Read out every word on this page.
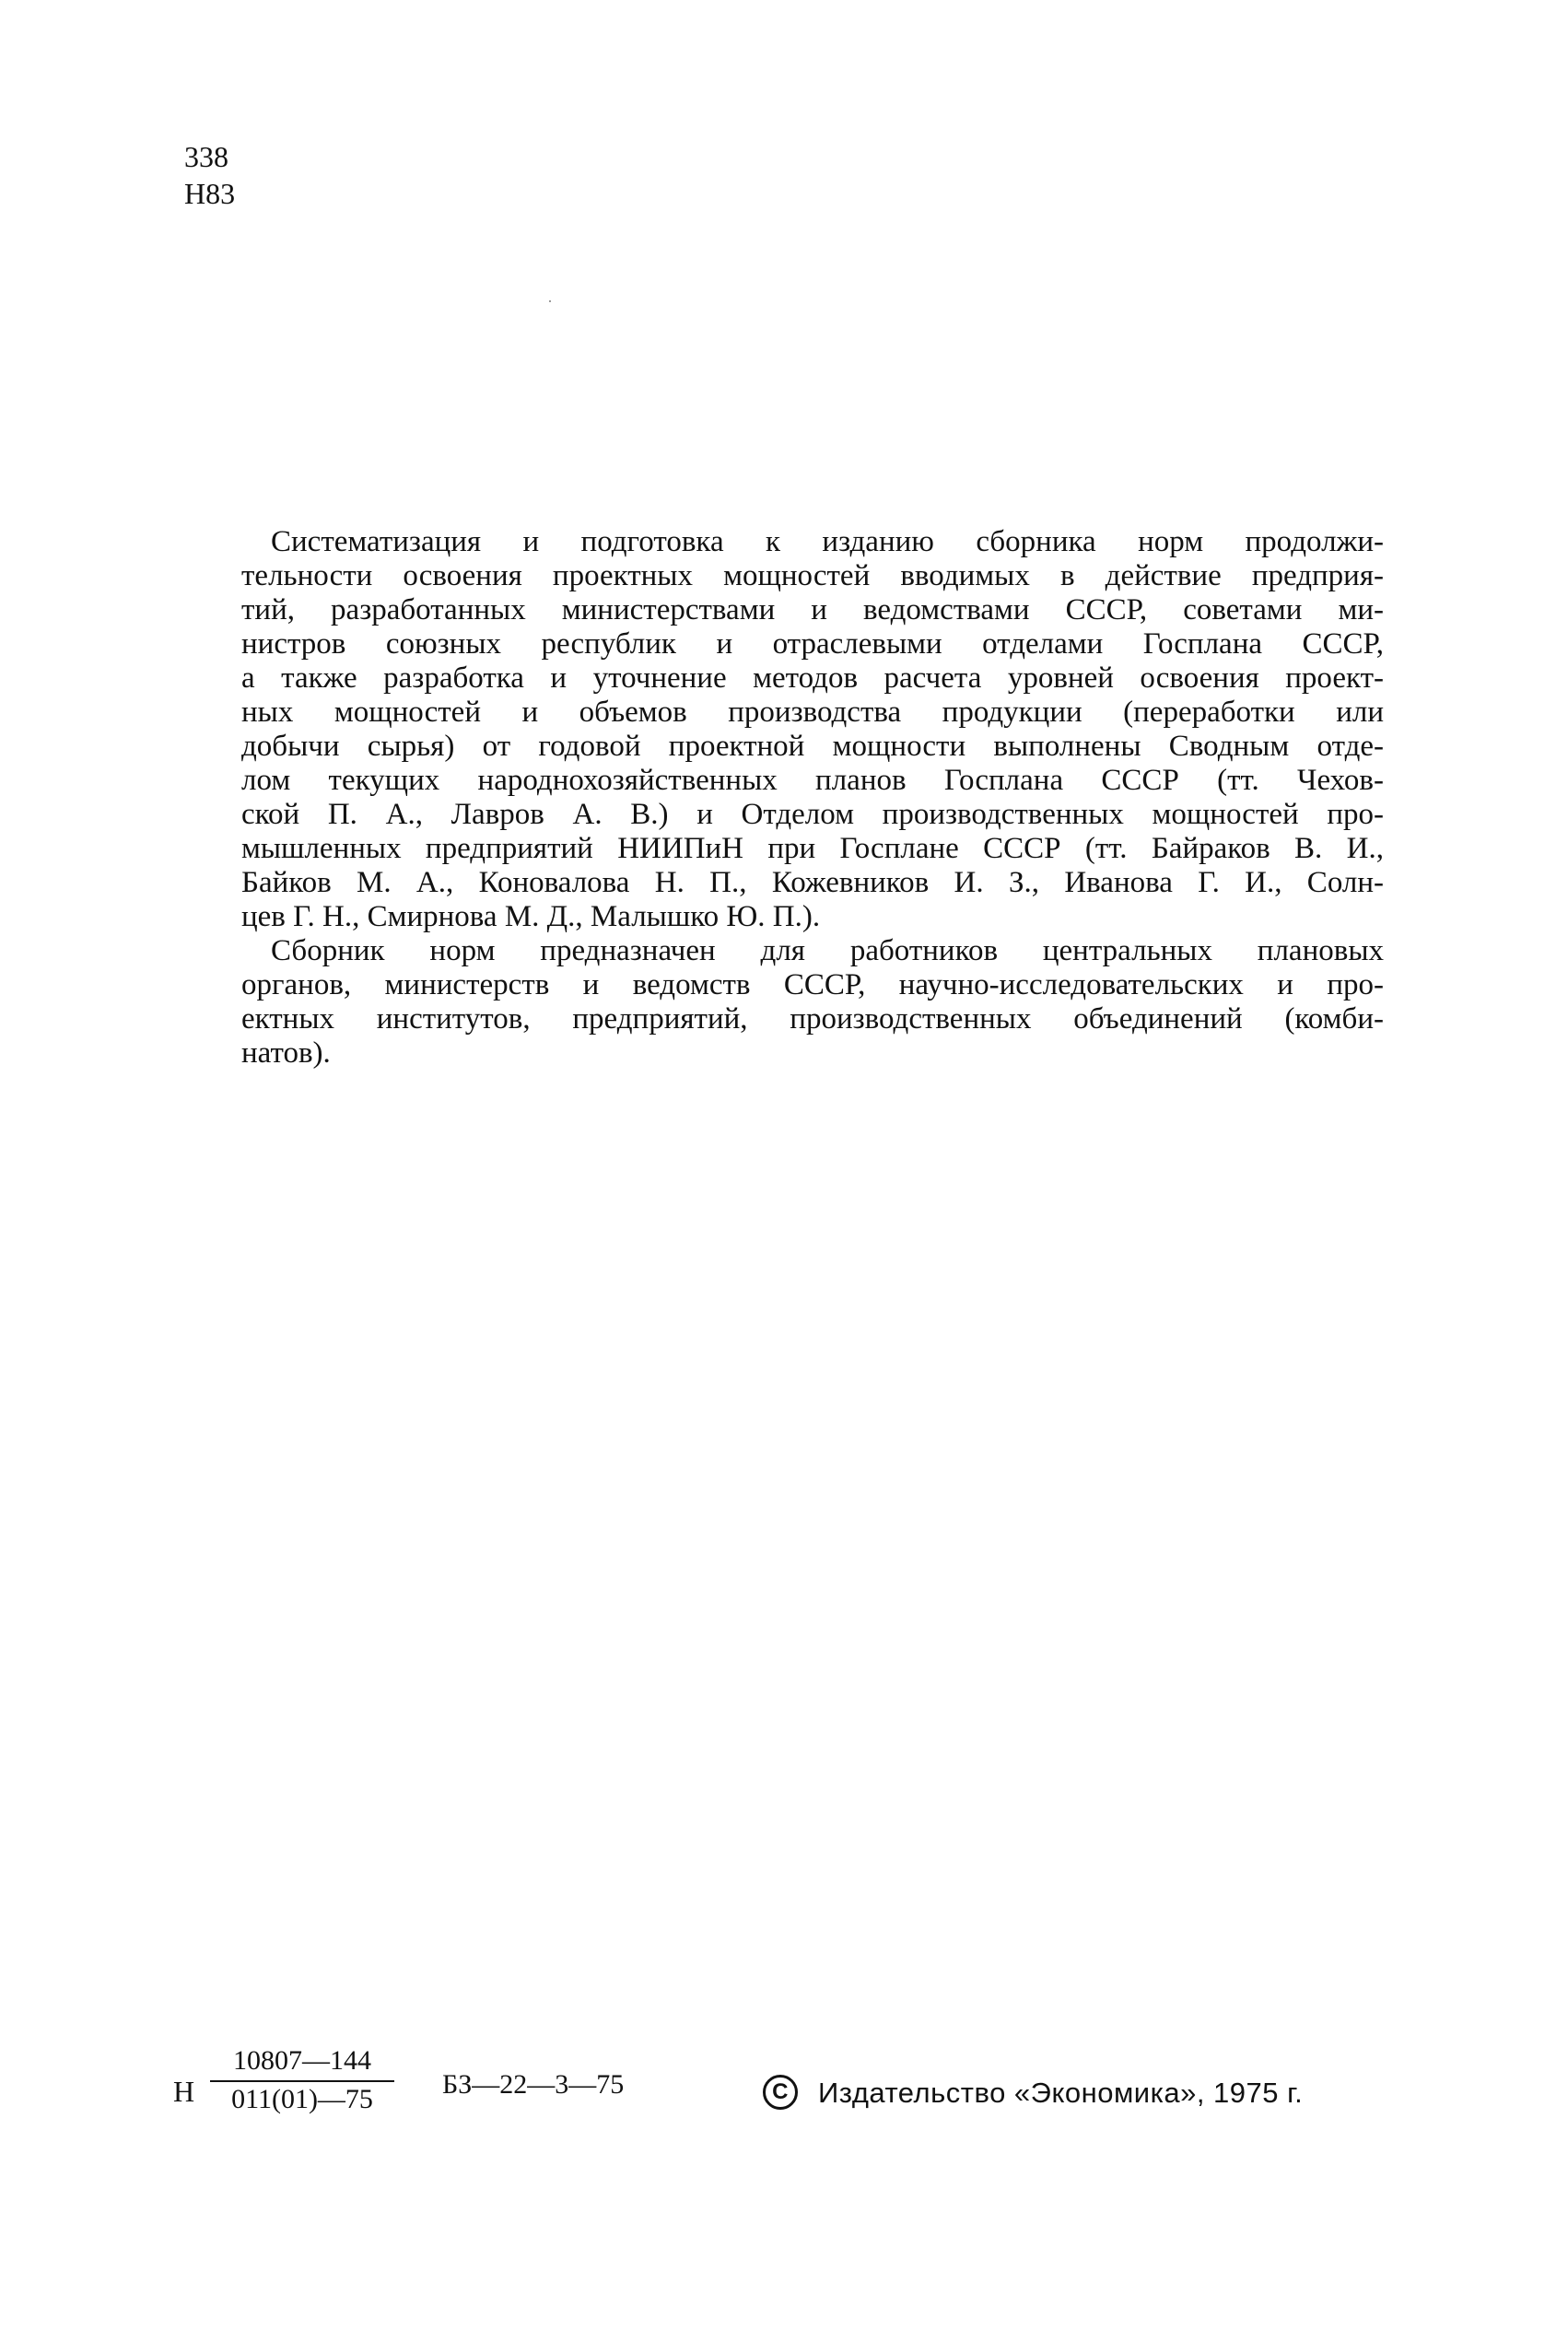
338
Н83
Систематизация и подготовка к изданию сборника норм продолжи-
тельности освоения проектных мощностей вводимых в действие предприя-
тий, разработанных министерствами и ведомствами СССР, советами ми-
нистров союзных республик и отраслевыми отделами Госплана СССР,
а также разработка и уточнение методов расчета уровней освоения проект-
ных мощностей и объемов производства продукции (переработки или
добычи сырья) от годовой проектной мощности выполнены Сводным отде-
лом текущих народнохозяйственных планов Госплана СССР (тт. Чехов-
ской П. А., Лавров А. В.) и Отделом производственных мощностей про-
мышленных предприятий НИИПиН при Госплане СССР (тт. Байраков В. И.,
Байков М. А., Коновалова Н. П., Кожевников И. З., Иванова Г. И., Солн-
цев Г. Н., Смирнова М. Д., Малышко Ю. П.).
Сборник норм предназначен для работников центральных плановых
органов, министерств и ведомств СССР, научно-исследовательских и про-
ектных институтов, предприятий, производственных объединений (комби-
натов).
Н $\frac{10807—144}{011(01)—75}$ БЗ—22—3—75	C Издательство «Экономика», 1975 г.
